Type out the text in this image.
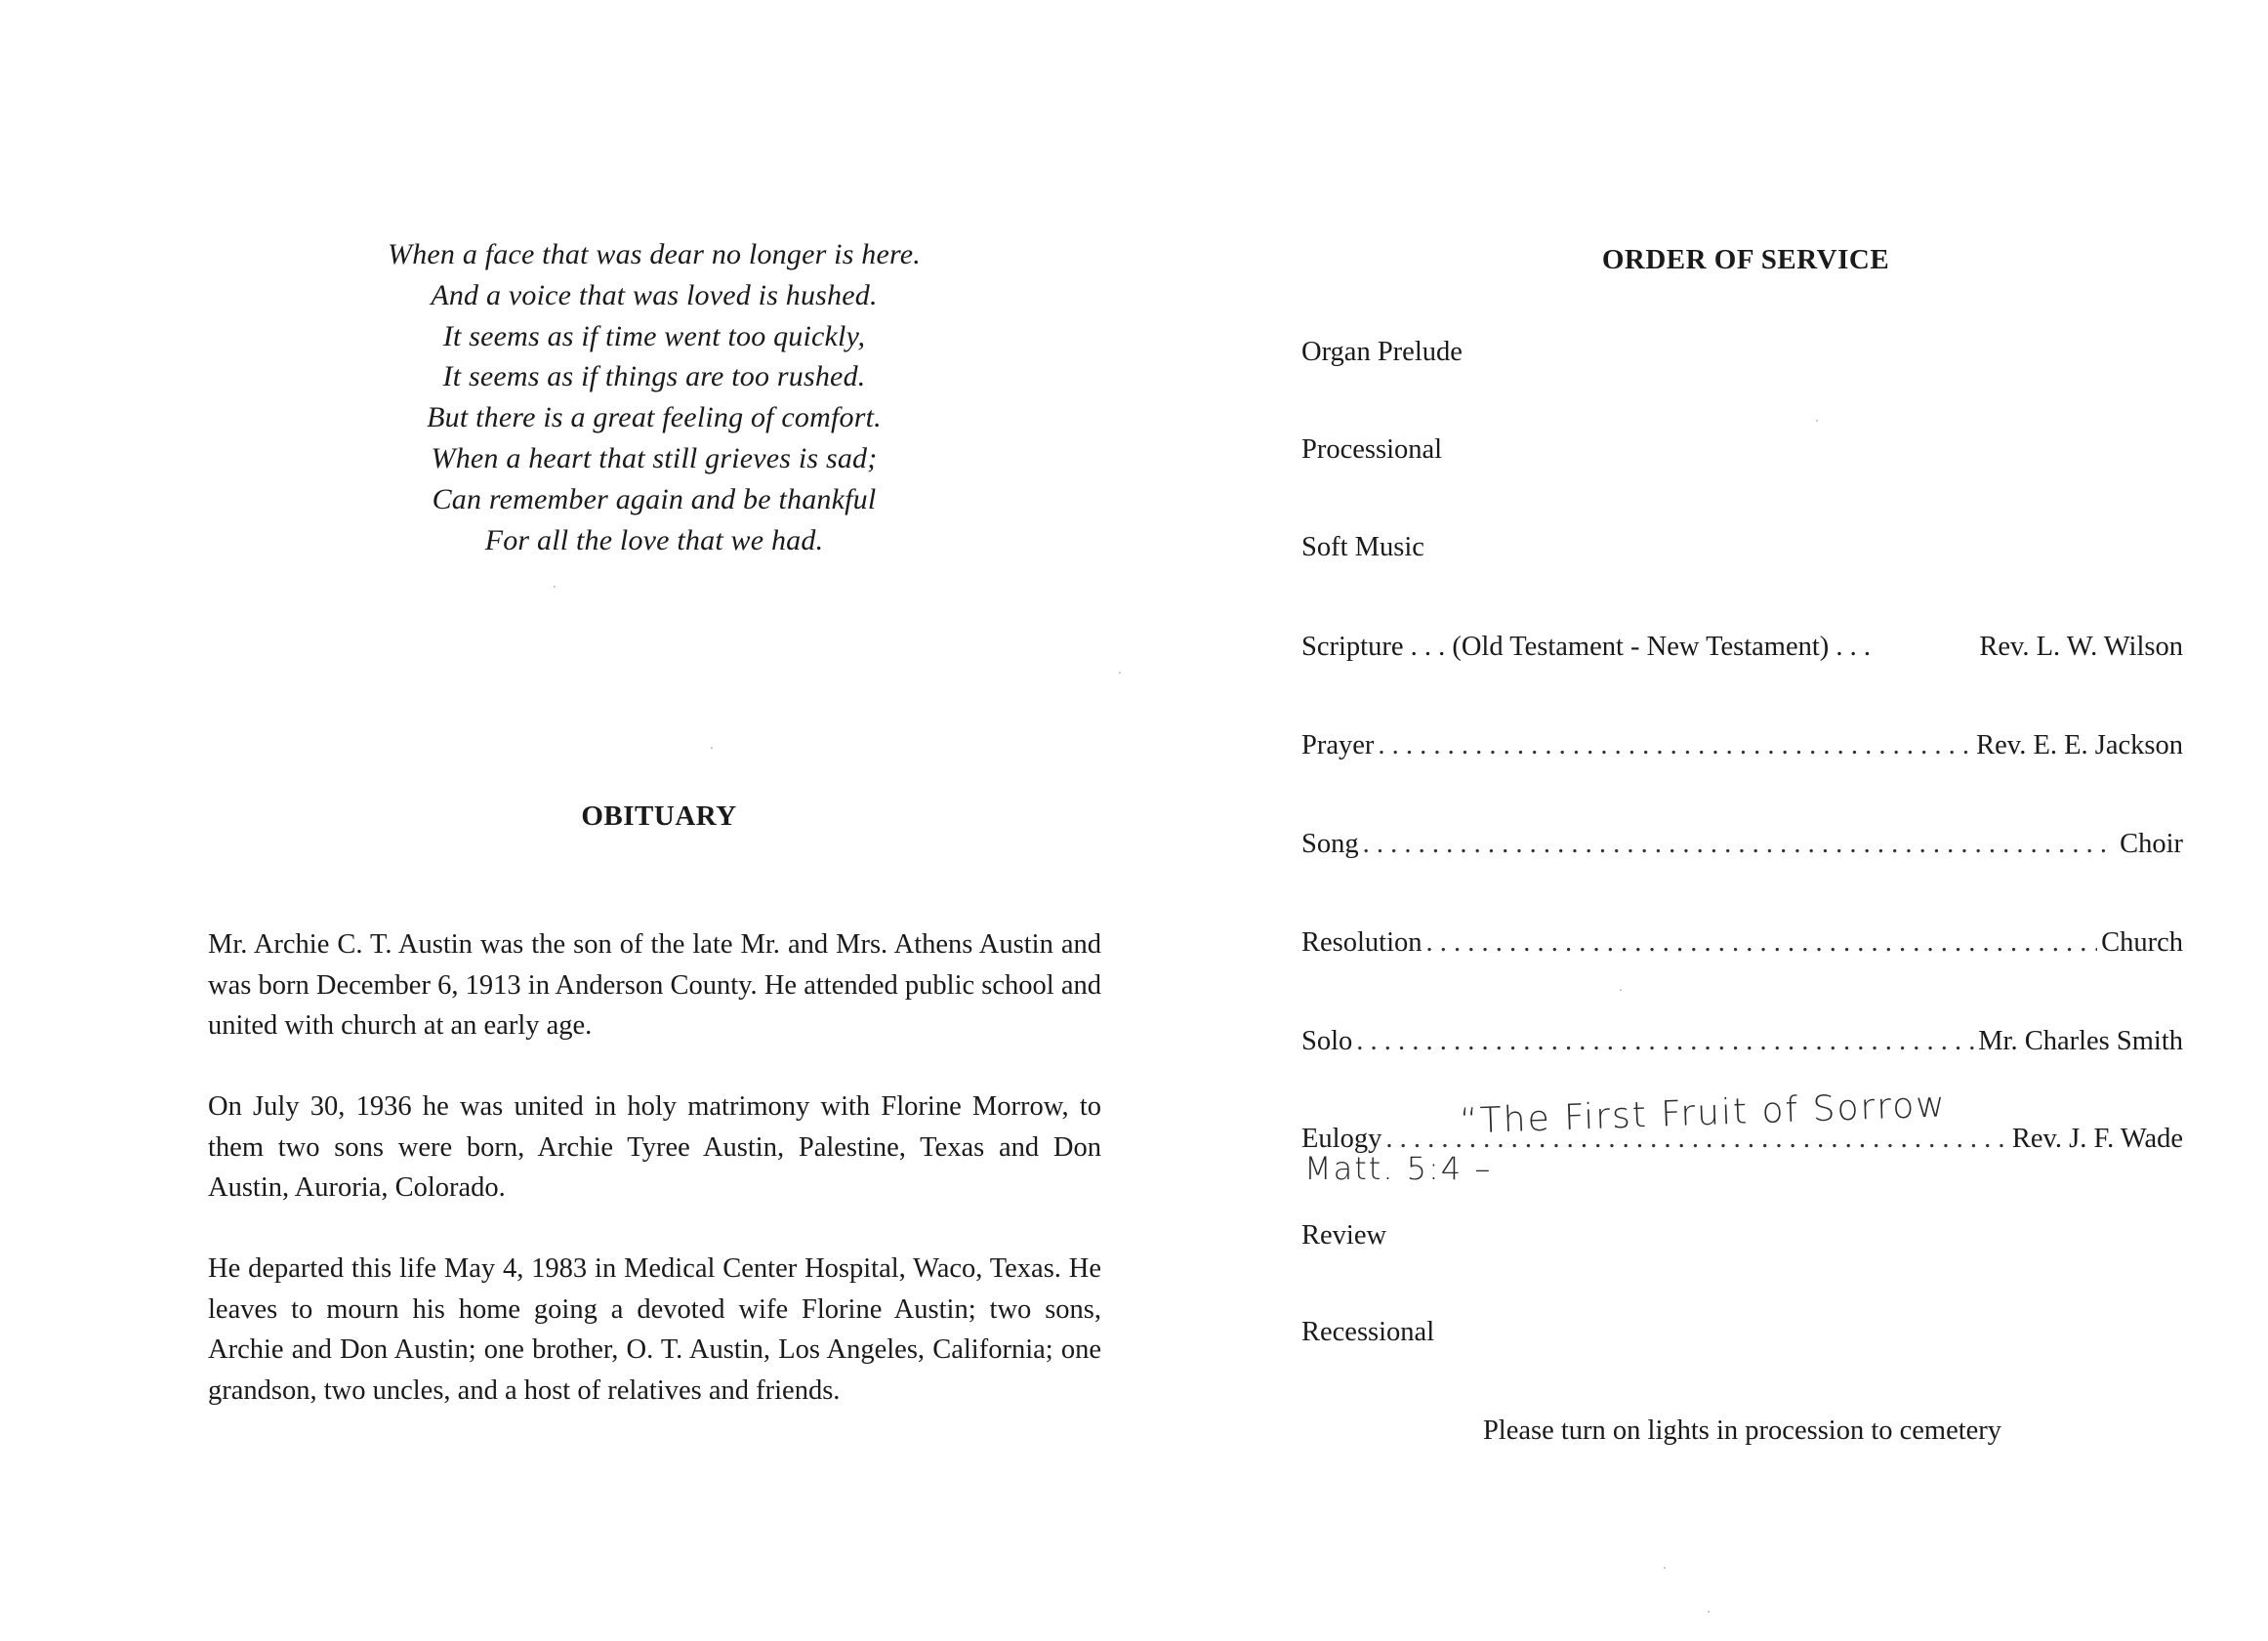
When a face that was dear no longer is here.
And a voice that was loved is hushed.
It seems as if time went too quickly,
It seems as if things are too rushed.
But there is a great feeling of comfort.
When a heart that still grieves is sad;
Can remember again and be thankful
For all the love that we had.
OBITUARY

Mr. Archie C. T. Austin was the son of the late Mr. and Mrs. Athens Austin and was born December 6, 1913 in Anderson County. He attended public school and united with church at an early age.

On July 30, 1936 he was united in holy matrimony with Florine Morrow, to them two sons were born, Archie Tyree Austin, Palestine, Texas and Don Austin, Auroria, Colorado.

He departed this life May 4, 1983 in Medical Center Hospital, Waco, Texas. He leaves to mourn his home going a devoted wife Florine Austin; two sons, Archie and Don Austin; one brother, O. T. Austin, Los Angeles, California; one grandson, two uncles, and a host of relatives and friends.

ORDER OF SERVICE
Organ Prelude
Processional
Soft Music
Scripture . . . (Old Testament - New Testament) . . .	Rev. L. W. Wilson
Prayer . . .	Rev. E. E. Jackson
Song . . .	Choir
Resolution . . .	Church
Solo . . .	Mr. Charles Smith
Eulogy . . .	Rev. J. F. Wade
Review
Recessional
“The First Fruit of Sorrow
Matt. 5:4 –
Please turn on lights in procession to cemetery
